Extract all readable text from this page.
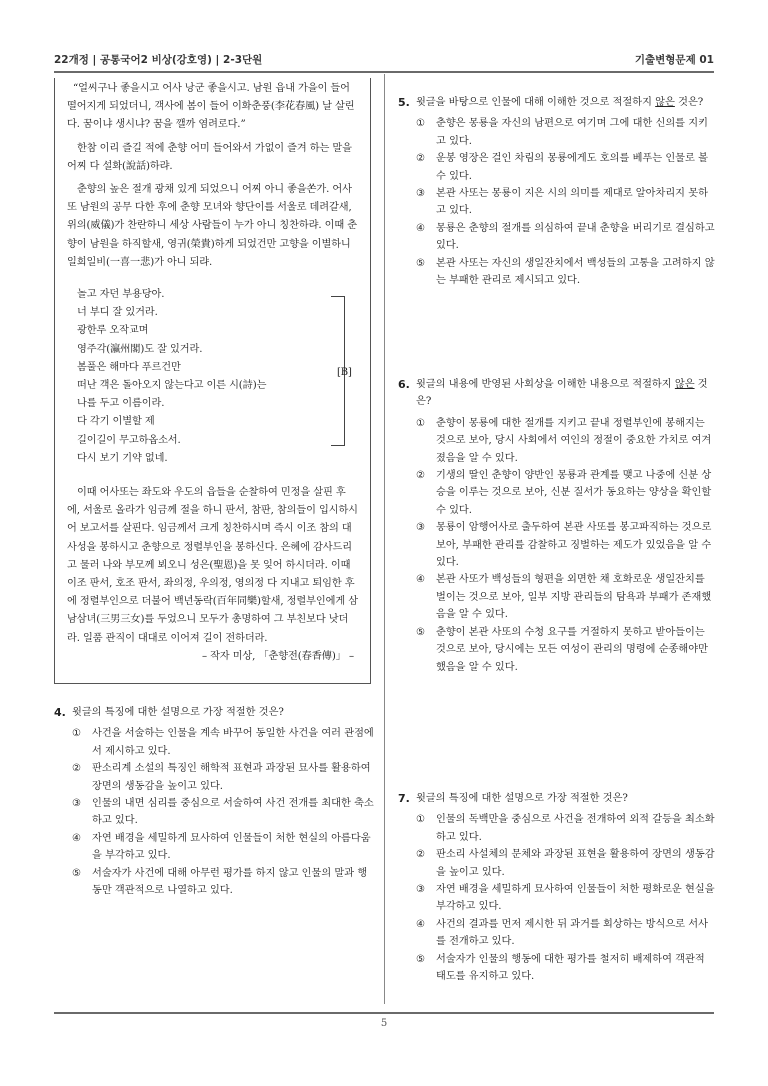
22개정 | 공통국어2 비상(강호영) | 2-3단원	기출변형문제 01

“얼씨구나 좋을시고 어사 낭군 좋을시고. 남원 읍내 가을이 들어 떨어지게 되었더니, 객사에 봄이 들어 이화춘풍(李花春風) 날 살린다. 꿈이냐 생시냐? 꿈을 깰까 염려로다.”

한참 이리 즐길 적에 춘향 어미 들어와서 가없이 즐겨 하는 말을 어찌 다 설화(說話)하랴.

춘향의 높은 절개 광채 있게 되었으니 어찌 아니 좋을쏜가. 어사또 남원의 공무 다한 후에 춘향 모녀와 향단이를 서울로 데려갈새, 위의(威儀)가 찬란하니 세상 사람들이 누가 아니 칭찬하랴. 이때 춘향이 남원을 하직할새, 영귀(榮貴)하게 되었건만 고향을 이별하니 일희일비(一喜一悲)가 아니 되랴.

놀고 자던 부용당아.
너 부디 잘 있거라.
광한루 오작교며
영주각(瀛州閣)도 잘 있거라.
봄풀은 해마다 푸르건만
떠난 객은 돌아오지 않는다고 이른 시(詩)는
나를 두고 이름이라.
다 각기 이별할 제
길이길이 무고하옵소서.
다시 보기 기약 없네.
[B]

이때 어사또는 좌도와 우도의 읍들을 순찰하여 민정을 살핀 후에, 서울로 올라가 임금께 절을 하니 판서, 참판, 참의들이 입시하시어 보고서를 살핀다. 임금께서 크게 칭찬하시며 즉시 이조 참의 대사성을 봉하시고 춘향으로 정렬부인을 봉하신다. 은혜에 감사드리고 물러 나와 부모께 뵈오니 성은(聖恩)을 못 잊어 하시더라. 이때 이조 판서, 호조 판서, 좌의정, 우의정, 영의정 다 지내고 퇴임한 후에 정렬부인으로 더불어 백년동락(百年同樂)할새, 정렬부인에게 삼남삼녀(三男三女)를 두었으니 모두가 총명하여 그 부친보다 낫더라. 일품 관직이 대대로 이어져 길이 전하더라.

– 작자 미상, 「춘향전(春香傳)」 –

4. 윗글의 특징에 대한 설명으로 가장 적절한 것은?
① 사건을 서술하는 인물을 계속 바꾸어 동일한 사건을 여러 관점에서 제시하고 있다.
② 판소리계 소설의 특징인 해학적 표현과 과장된 묘사를 활용하여 장면의 생동감을 높이고 있다.
③ 인물의 내면 심리를 중심으로 서술하여 사건 전개를 최대한 축소하고 있다.
④ 자연 배경을 세밀하게 묘사하여 인물들이 처한 현실의 아름다움을 부각하고 있다.
⑤ 서술자가 사건에 대해 아무런 평가를 하지 않고 인물의 말과 행동만 객관적으로 나열하고 있다.
5. 윗글을 바탕으로 인물에 대해 이해한 것으로 적절하지 않은 것은?
① 춘향은 몽룡을 자신의 남편으로 여기며 그에 대한 신의를 지키고 있다.
② 운봉 영장은 걸인 차림의 몽룡에게도 호의를 베푸는 인물로 볼 수 있다.
③ 본관 사또는 몽룡이 지은 시의 의미를 제대로 알아차리지 못하고 있다.
④ 몽룡은 춘향의 절개를 의심하여 끝내 춘향을 버리기로 결심하고 있다.
⑤ 본관 사또는 자신의 생일잔치에서 백성들의 고통을 고려하지 않는 부패한 관리로 제시되고 있다.
6. 윗글의 내용에 반영된 사회상을 이해한 내용으로 적절하지 않은 것은?
① 춘향이 몽룡에 대한 절개를 지키고 끝내 정렬부인에 봉해지는 것으로 보아, 당시 사회에서 여인의 정절이 중요한 가치로 여겨졌음을 알 수 있다.
② 기생의 딸인 춘향이 양반인 몽룡과 관계를 맺고 나중에 신분 상승을 이루는 것으로 보아, 신분 질서가 동요하는 양상을 확인할 수 있다.
③ 몽룡이 암행어사로 출두하여 본관 사또를 봉고파직하는 것으로 보아, 부패한 관리를 감찰하고 징벌하는 제도가 있었음을 알 수 있다.
④ 본관 사또가 백성들의 형편을 외면한 채 호화로운 생일잔치를 벌이는 것으로 보아, 일부 지방 관리들의 탐욕과 부패가 존재했음을 알 수 있다.
⑤ 춘향이 본관 사또의 수청 요구를 거절하지 못하고 받아들이는 것으로 보아, 당시에는 모든 여성이 관리의 명령에 순종해야만 했음을 알 수 있다.
7. 윗글의 특징에 대한 설명으로 가장 적절한 것은?
① 인물의 독백만을 중심으로 사건을 전개하여 외적 갈등을 최소화하고 있다.
② 판소리 사설체의 문체와 과장된 표현을 활용하여 장면의 생동감을 높이고 있다.
③ 자연 배경을 세밀하게 묘사하여 인물들이 처한 평화로운 현실을 부각하고 있다.
④ 사건의 결과를 먼저 제시한 뒤 과거를 회상하는 방식으로 서사를 전개하고 있다.
⑤ 서술자가 인물의 행동에 대한 평가를 철저히 배제하여 객관적 태도를 유지하고 있다.
5
